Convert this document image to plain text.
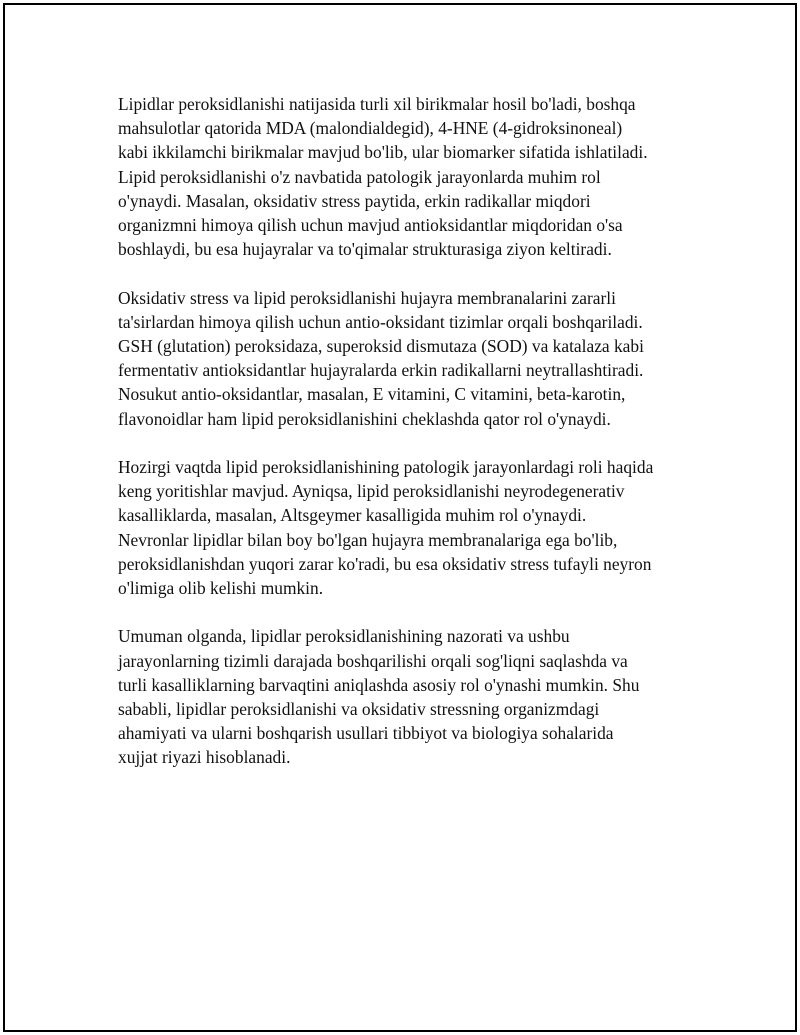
Lipidlar peroksidlanishi natijasida turli xil birikmalar hosil bo'ladi, boshqa
mahsulotlar qatorida MDA (malondialdegid), 4-HNE (4-gidroksinoneal)
kabi ikkilamchi birikmalar mavjud bo'lib, ular biomarker sifatida ishlatiladi.
Lipid peroksidlanishi o'z navbatida patologik jarayonlarda muhim rol
o'ynaydi. Masalan, oksidativ stress paytida, erkin radikallar miqdori
organizmni himoya qilish uchun mavjud antioksidantlar miqdoridan o'sa
boshlaydi, bu esa hujayralar va to'qimalar strukturasiga ziyon keltiradi.

Oksidativ stress va lipid peroksidlanishi hujayra membranalarini zararli
ta'sirlardan himoya qilish uchun antio-oksidant tizimlar orqali boshqariladi.
GSH (glutation) peroksidaza, superoksid dismutaza (SOD) va katalaza kabi
fermentativ antioksidantlar hujayralarda erkin radikallarni neytrallashtiradi.
Nosukut antio-oksidantlar, masalan, E vitamini, C vitamini, beta-karotin,
flavonoidlar ham lipid peroksidlanishini cheklashda qator rol o'ynaydi.

Hozirgi vaqtda lipid peroksidlanishining patologik jarayonlardagi roli haqida
keng yoritishlar mavjud. Ayniqsa, lipid peroksidlanishi neyrodegenerativ
kasalliklarda, masalan, Altsgeymer kasalligida muhim rol o'ynaydi.
Nevronlar lipidlar bilan boy bo'lgan hujayra membranalariga ega bo'lib,
peroksidlanishdan yuqori zarar ko'radi, bu esa oksidativ stress tufayli neyron
o'limiga olib kelishi mumkin.

Umuman olganda, lipidlar peroksidlanishining nazorati va ushbu
jarayonlarning tizimli darajada boshqarilishi orqali sog'liqni saqlashda va
turli kasalliklarning barvaqtini aniqlashda asosiy rol o'ynashi mumkin. Shu
sababli, lipidlar peroksidlanishi va oksidativ stressning organizmdagi
ahamiyati va ularni boshqarish usullari tibbiyot va biologiya sohalarida
xujjat riyazi hisoblanadi.
